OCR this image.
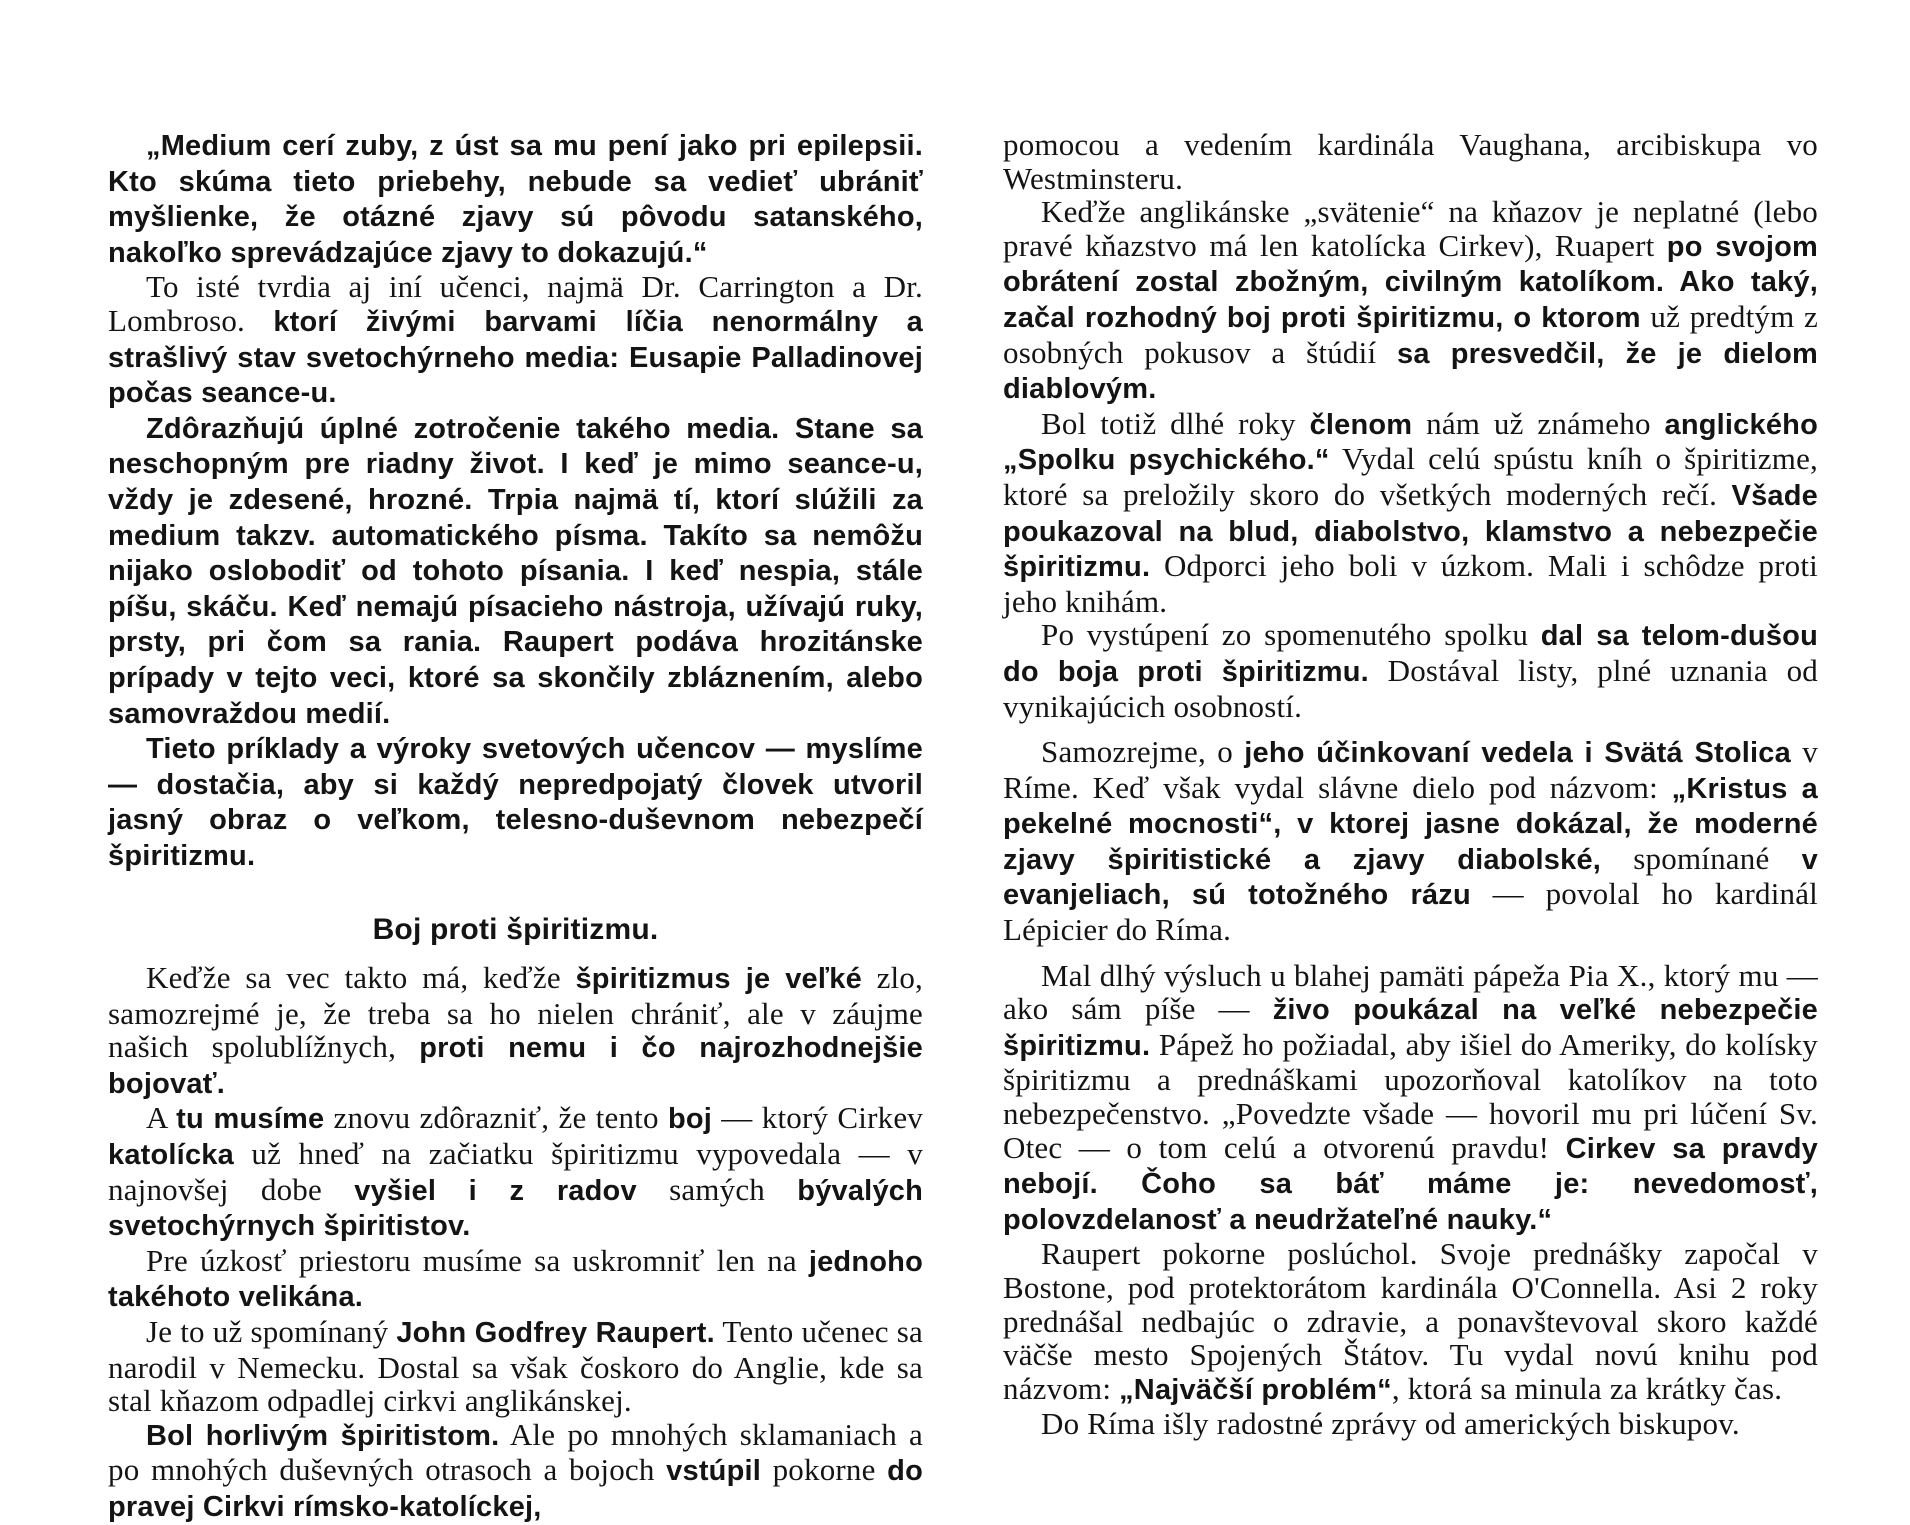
„Medium cerí zuby, z úst sa mu pení jako pri epilepsii. Kto skúma tieto priebehy, nebude sa vedieť ubrániť myšlienke, že otázné zjavy sú pôvodu satanského, nakoľko sprevádzajúce zjavy to dokazujú.“

To isté tvrdia aj iní učenci, najmä Dr. Carrington a Dr. Lombroso. ktorí živými barvami líčia nenormálny a strašlivý stav svetochýrneho media: Eusapie Palladinovej počas seance-u.

Zdôrazňujú úplné zotročenie takého media. Stane sa neschopným pre riadny život. I keď je mimo seance-u, vždy je zdesené, hrozné. Trpia najmä tí, ktorí slúžili za medium takzv. automatického písma. Takíto sa nemôžu nijako oslobodiť od tohoto písania. I keď nespia, stále píšu, skáču. Keď nemajú písacieho nástroja, užívajú ruky, prsty, pri čom sa rania. Raupert podáva hrozitánske prípady v tejto veci, ktoré sa skončily zbláznením, alebo samovraždou medií.

Tieto príklady a výroky svetových učencov — myslíme — dostačia, aby si každý nepredpojatý človek utvoril jasný obraz o veľkom, telesno-duševnom nebezpečí špiritizmu.

Boj proti špiritizmu.

Keďže sa vec takto má, keďže špiritizmus je veľké zlo, samozrejmé je, že treba sa ho nielen chrániť, ale v záujme našich spolublížnych, proti nemu i čo najrozhodnejšie bojovať.

A tu musíme znovu zdôrazniť, že tento boj — ktorý Cirkev katolícka už hneď na začiatku špiritizmu vypovedala — v najnovšej dobe vyšiel i z radov samých bývalých svetochýrnych špiritistov.

Pre úzkosť priestoru musíme sa uskromniť len na jednoho takéhoto velikána.

Je to už spomínaný John Godfrey Raupert. Tento učenec sa narodil v Nemecku. Dostal sa však čoskoro do Anglie, kde sa stal kňazom odpadlej cirkvi anglikánskej.

Bol horlivým špiritistom. Ale po mnohých sklamaniach a po mnohých duševných otrasoch a bojoch vstúpil pokorne do pravej Cirkvi rímsko-katolíckej,

pomocou a vedením kardinála Vaughana, arcibiskupa vo Westminsteru.

Keďže anglikánske „svätenie“ na kňazov je neplatné (lebo pravé kňazstvo má len katolícka Cirkev), Ruapert po svojom obrátení zostal zbožným, civilným katolíkom. Ako taký, začal rozhodný boj proti špiritizmu, o ktorom už predtým z osobných pokusov a štúdií sa presvedčil, že je dielom diablovým.

Bol totiž dlhé roky členom nám už známeho anglického „Spolku psychického.“ Vydal celú spústu kníh o špiritizme, ktoré sa preložily skoro do všetkých moderných rečí. Všade poukazoval na blud, diabolstvo, klamstvo a nebezpečie špiritizmu. Odporci jeho boli v úzkom. Mali i schôdze proti jeho knihám.

Po vystúpení zo spomenutého spolku dal sa telom-dušou do boja proti špiritizmu. Dostával listy, plné uznania od vynikajúcich osobností.

Samozrejme, o jeho účinkovaní vedela i Svätá Stolica v Ríme. Keď však vydal slávne dielo pod názvom: „Kristus a pekelné mocnosti“, v ktorej jasne dokázal, že moderné zjavy špiritistické a zjavy diabolské, spomínané v evanjeliach, sú totožného rázu — povolal ho kardinál Lépicier do Ríma.

Mal dlhý výsluch u blahej pamäti pápeža Pia X., ktorý mu — ako sám píše — živo poukázal na veľké nebezpečie špiritizmu. Pápež ho požiadal, aby išiel do Ameriky, do kolísky špiritizmu a prednáškami upozorňoval katolíkov na toto nebezpečenstvo. „Povedzte všade — hovoril mu pri lúčení Sv. Otec — o tom celú a otvorenú pravdu! Cirkev sa pravdy nebojí. Čoho sa báť máme je: nevedomosť, polovzdelanosť a neudržateľné nauky.“

Raupert pokorne poslúchol. Svoje prednášky započal v Bostone, pod protektorátom kardinála O'Connella. Asi 2 roky prednášal nedbajúc o zdravie, a ponavštevoval skoro každé väčše mesto Spojených Štátov. Tu vydal novú knihu pod názvom: „Najväčší problém“, ktorá sa minula za krátky čas.

Do Ríma išly radostné zprávy od amerických biskupov.
